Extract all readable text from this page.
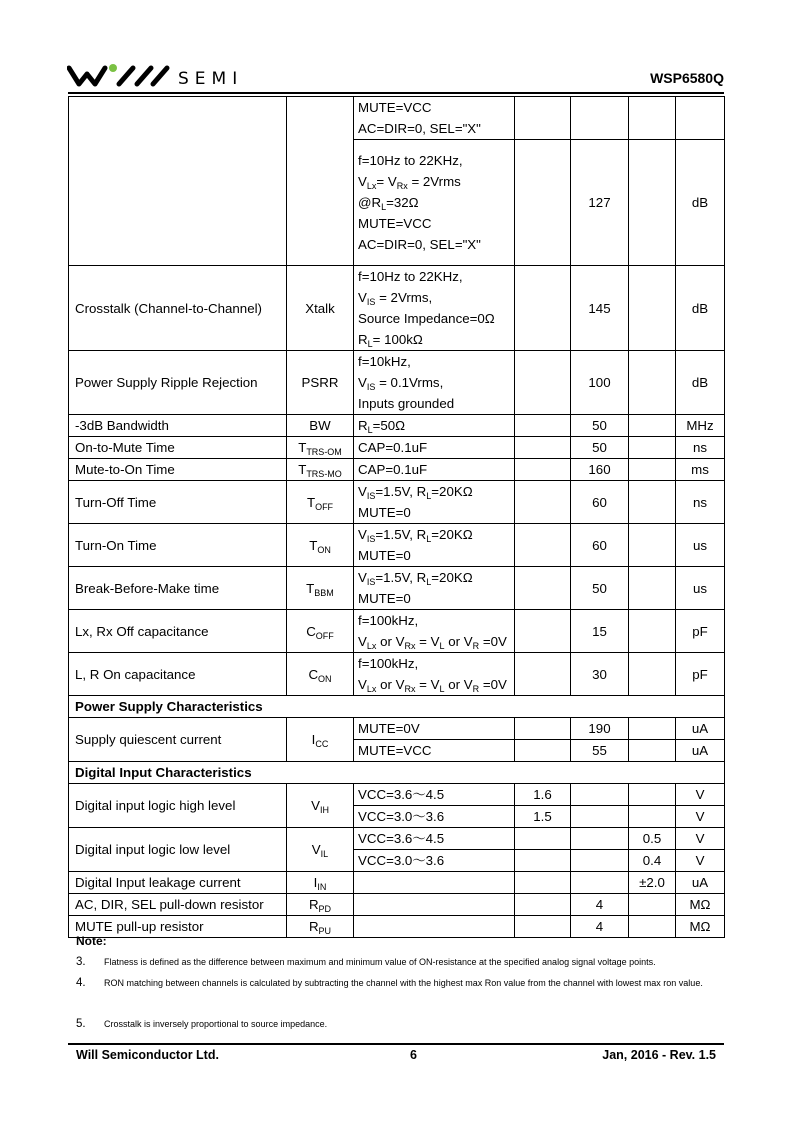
SEMI	WSP6580Q

		MUTE=VCC
AC=DIR=0, SEL="X"				

		f=10Hz to 22KHz,
$V_{Lx}= V_{Rx}$ = 2Vrms
$@R_L=32\Omega$
MUTE=VCC
AC=DIR=0, SEL="X"		127		dB
Crosstalk (Channel-to-Channel)	Xtalk	f=10Hz to 22KHz,
$V_{IS}$ = 2Vrms,
Source Impedance=0Ω
$R_L= 100k\Omega$		145		dB
Power Supply Ripple Rejection	PSRR	f=10kHz,
$V_{IS}$ = 0.1Vrms,
Inputs grounded		100		dB
-3dB Bandwidth	BW	$R_L=50\Omega$		50		MHz
On-to-Mute Time	$T_{TRS-OM}$	CAP=0.1uF		50		ns
Mute-to-On Time	$T_{TRS-MO}$	CAP=0.1uF		160		ms
Turn-Off Time	$T_{OFF}$	$V_{IS}=1.5V$, $R_L=20K\Omega$
MUTE=0		60		ns
Turn-On Time	$T_{ON}$	$V_{IS}=1.5V$, $R_L=20K\Omega$
MUTE=0		60		us
Break-Before-Make time	$T_{BBM}$	$V_{IS}=1.5V$, $R_L=20K\Omega$
MUTE=0		50		us
Lx, Rx Off capacitance	$C_{OFF}$	f=100kHz,
$V_{Lx}$ or $V_{Rx} = V_L$ or $V_R =0V$		15		pF
L, R On capacitance	$C_{ON}$	f=100kHz,
$V_{Lx}$ or $V_{Rx} = V_L$ or $V_R =0V$		30		pF
Power Supply Characteristics						
Supply quiescent current	$I_{CC}$	MUTE=0V		190		uA
		MUTE=VCC		55		uA
Digital Input Characteristics						
Digital input logic high level	$V_{IH}$	VCC=3.6～4.5	1.6			V
		VCC=3.0～3.6	1.5			V
Digital input logic low level	$V_{IL}$	VCC=3.6～4.5			0.5	V
		VCC=3.0～3.6			0.4	V
Digital Input leakage current	$I_{IN}$				±2.0	uA
AC, DIR, SEL pull-down resistor	$R_{PD}$			4		MΩ
MUTE pull-up resistor	$R_{PU}$			4		MΩ
Note:
3. Flatness is defined as the difference between maximum and minimum value of ON-resistance at the specified analog signal voltage points.
4. RON matching between channels is calculated by subtracting the channel with the highest max Ron value from the channel with lowest max ron value.
5. Crosstalk is inversely proportional to source impedance.
Will Semiconductor Ltd.	6	Jan, 2016 - Rev. 1.5
